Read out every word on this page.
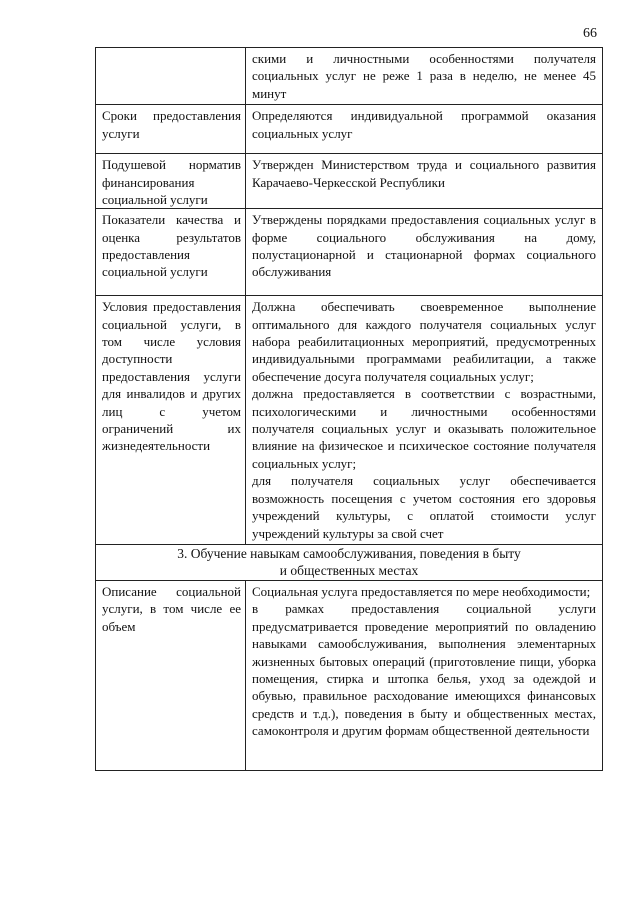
66
скими и личностными особенностями получателя социальных услуг не реже 1 раза в неделю, не менее 45 минут
Сроки предоставления услуги
Определяются индивидуальной программой оказания социальных услуг
Подушевой норматив финансирования социальной услуги
Утвержден Министерством труда и социального развития Карачаево-Черкесской Республики
Показатели качества и оценка результатов предоставления социальной услуги
Утверждены порядками предоставления социальных услуг в форме социального обслуживания на дому, полустационарной и стационарной формах социального обслуживания
Условия предоставления социальной услуги, в том числе условия доступности предоставления услуги для инвалидов и других лиц с учетом ограничений их жизнедеятельности

Должна обеспечивать своевременное выполнение оптимального для каждого получателя социальных услуг набора реабилитационных мероприятий, предусмотренных индивидуальными программами реабилитации, а также обеспечение досуга получателя социальных услуг;

должна предоставляется в соответствии с возрастными, психологическими и личностными особенностями получателя социальных услуг и оказывать положительное влияние на физическое и психическое состояние получателя социальных услуг;

для получателя социальных услуг обеспечивается возможность посещения с учетом состояния его здоровья учреждений культуры, с оплатой стоимости услуг учреждений культуры за свой счет

3. Обучение навыкам самообслуживания, поведения в быту
и общественных местах
Описание социальной услуги, в том числе ее объем

Социальная услуга предоставляется по мере необходимости;

в рамках предоставления социальной услуги предусматривается проведение мероприятий по овладению навыками самообслуживания, выполнения элементарных жизненных бытовых операций (приготовление пищи, уборка помещения, стирка и штопка белья, уход за одеждой и обувью, правильное расходование имеющихся финансовых средств и т.д.), поведения в быту и общественных местах, самоконтроля и другим формам общественной деятельности
